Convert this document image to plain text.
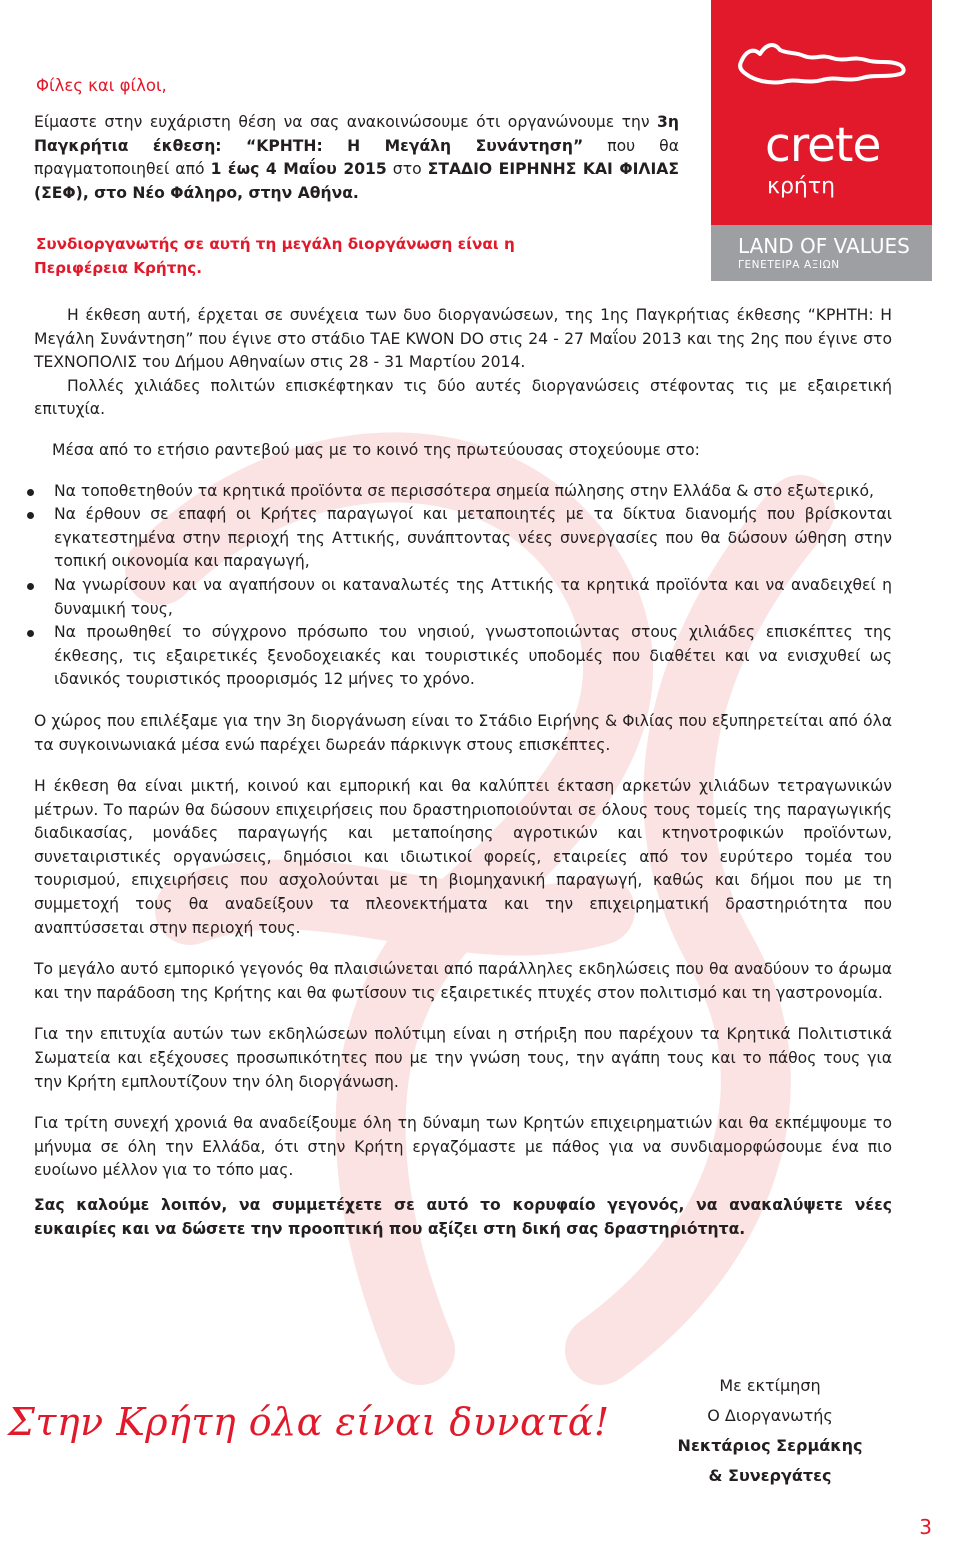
crete
κρήτη
LAND OF VALUES
ΓΕΝΕΤΕΙΡΑ ΑΞΙΩΝ
Φίλες και φίλοι,

Είμαστε στην ευχάριστη θέση να σας ανακοινώσουμε ότι οργανώνουμε την 3η Παγκρήτια έκθεση: “ΚΡΗΤΗ: Η Μεγάλη Συνάντηση” που θα πραγματοποιηθεί από 1 έως 4 Μαΐου 2015 στο ΣΤΑΔΙΟ ΕΙΡΗΝΗΣ ΚΑΙ ΦΙΛΙΑΣ (ΣΕΦ), στο Νέο Φάληρο, στην Αθήνα.

Συνδιοργανωτής σε αυτή τη μεγάλη διοργάνωση είναι η
Περιφέρεια Κρήτης.

Η έκθεση αυτή, έρχεται σε συνέχεια των δυο διοργανώσεων, της 1ης Παγκρήτιας έκθεσης “ΚΡΗΤΗ: Η Μεγάλη Συνάντηση” που έγινε στο στάδιο ΤΑΕ KWON DO στις 24 - 27 Μαΐου 2013 και της 2ης που έγινε στο ΤΕΧΝΟΠΟΛΙΣ του Δήμου Αθηναίων στις 28 - 31 Μαρτίου 2014.

Πολλές χιλιάδες πολιτών επισκέφτηκαν τις δύο αυτές διοργανώσεις στέφοντας τις με εξαιρετική επιτυχία.

Μέσα από το ετήσιο ραντεβού μας με το κοινό της πρωτεύουσας στοχεύουμε στο:

Να τοποθετηθούν τα κρητικά προϊόντα σε περισσότερα σημεία πώλησης στην Ελλάδα & στο εξωτερικό,
Να έρθουν σε επαφή οι Κρήτες παραγωγοί και μεταποιητές με τα δίκτυα διανομής που βρίσκονται εγκατεστημένα στην περιοχή της Αττικής, συνάπτοντας νέες συνεργασίες που θα δώσουν ώθηση στην τοπική οικονομία και παραγωγή,
Να γνωρίσουν και να αγαπήσουν οι καταναλωτές της Αττικής τα κρητικά προϊόντα και να αναδειχθεί η δυναμική τους,
Να προωθηθεί το σύγχρονο πρόσωπο του νησιού, γνωστοποιώντας στους χιλιάδες επισκέπτες της έκθεσης, τις εξαιρετικές ξενοδοχειακές και τουριστικές υποδομές που διαθέτει και να ενισχυθεί ως ιδανικός τουριστικός προορισμός 12 μήνες το χρόνο.

Ο χώρος που επιλέξαμε για την 3η διοργάνωση είναι το Στάδιο Ειρήνης & Φιλίας που εξυπηρετείται από όλα τα συγκοινωνιακά μέσα ενώ παρέχει δωρεάν πάρκινγκ στους επισκέπτες.

Η έκθεση θα είναι μικτή, κοινού και εμπορική και θα καλύπτει έκταση αρκετών χιλιάδων τετραγωνικών μέτρων. Το παρών θα δώσουν επιχειρήσεις που δραστηριοποιούνται σε όλους τους τομείς της παραγωγικής διαδικασίας, μονάδες παραγωγής και μεταποίησης αγροτικών και κτηνοτροφικών προϊόντων, συνεταιριστικές οργανώσεις, δημόσιοι και ιδιωτικοί φορείς, εταιρείες από τον ευρύτερο τομέα του τουρισμού, επιχειρήσεις που ασχολούνται με τη βιομηχανική παραγωγή, καθώς και δήμοι που με τη συμμετοχή τους θα αναδείξουν τα πλεονεκτήματα και την επιχειρηματική δραστηριότητα που αναπτύσσεται στην περιοχή τους.

Το μεγάλο αυτό εμπορικό γεγονός θα πλαισιώνεται από παράλληλες εκδηλώσεις που θα αναδύουν το άρωμα και την παράδοση της Κρήτης και θα φωτίσουν τις εξαιρετικές πτυχές στον πολιτισμό και τη γαστρονομία.

Για την επιτυχία αυτών των εκδηλώσεων πολύτιμη είναι η στήριξη που παρέχουν τα Κρητικά Πολιτιστικά Σωματεία και εξέχουσες προσωπικότητες που με την γνώση τους, την αγάπη τους και το πάθος τους για την Κρήτη εμπλουτίζουν την όλη διοργάνωση.

Για τρίτη συνεχή χρονιά θα αναδείξουμε όλη τη δύναμη των Κρητών επιχειρηματιών και θα εκπέμψουμε το μήνυμα σε όλη την Ελλάδα, ότι στην Κρήτη εργαζόμαστε με πάθος για να συνδιαμορφώσουμε ένα πιο ευοίωνο μέλλον για το τόπο μας.

Σας καλούμε λοιπόν, να συμμετέχετε σε αυτό το κορυφαίο γεγονός, να ανακαλύψετε νέες ευκαιρίες και να δώσετε την προοπτική που αξίζει στη δική σας δραστηριότητα.

Στην Κρήτη όλα είναι δυνατά!
Με εκτίμηση
Ο Διοργανωτής
Νεκτάριος Σερμάκης
& Συνεργάτες
3
